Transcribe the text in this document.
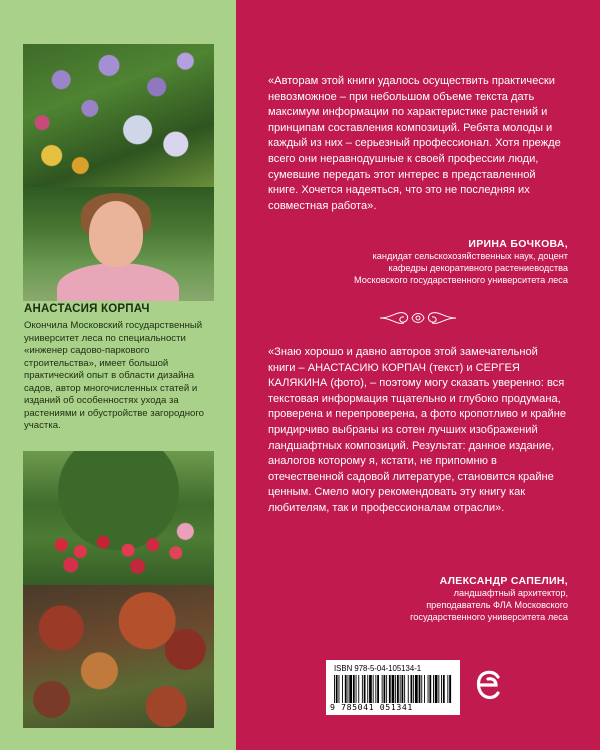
АНАСТАСИЯ КОРПАЧ
Окончила Московский государственный университет леса по специальности «инженер садово-паркового строительства», имеет большой практический опыт в области дизайна садов, автор многочисленных статей и изданий об особенностях ухода за растениями и обустройстве загородного участка.
«Авторам этой книги удалось осуществить практически невозможное – при небольшом объеме текста дать максимум информации по характеристике растений и принципам составления композиций. Ребята молоды и каждый из них – серьезный профессионал. Хотя прежде всего они неравнодушные к своей профессии люди, сумевшие передать этот интерес в представленной книге. Хочется надеяться, что это не последняя их совместная работа».
ИРИНА БОЧКОВА,
кандидат сельскохозяйственных наук, доцент
кафедры декоративного растениеводства
Московского государственного университета леса
«Знаю хорошо и давно авторов этой замечательной книги – АНАСТАСИЮ КОРПАЧ (текст) и СЕРГЕЯ КАЛЯКИНА (фото), – поэтому могу сказать уверенно: вся текстовая информация тщательно и глубоко продумана, проверена и перепроверена, а фото кропотливо и крайне придирчиво выбраны из сотен лучших изображений ландшафтных композиций. Результат: данное издание, аналогов которому я, кстати, не припомню в отечественной садовой литературе, становится крайне ценным. Смело могу рекомендовать эту книгу как любителям, так и профессионалам отрасли».
АЛЕКСАНДР САПЕЛИН,
ландшафтный архитектор,
преподаватель ФЛА Московского
государственного университета леса
ISBN 978-5-04-105134-1
9 785041 051341
